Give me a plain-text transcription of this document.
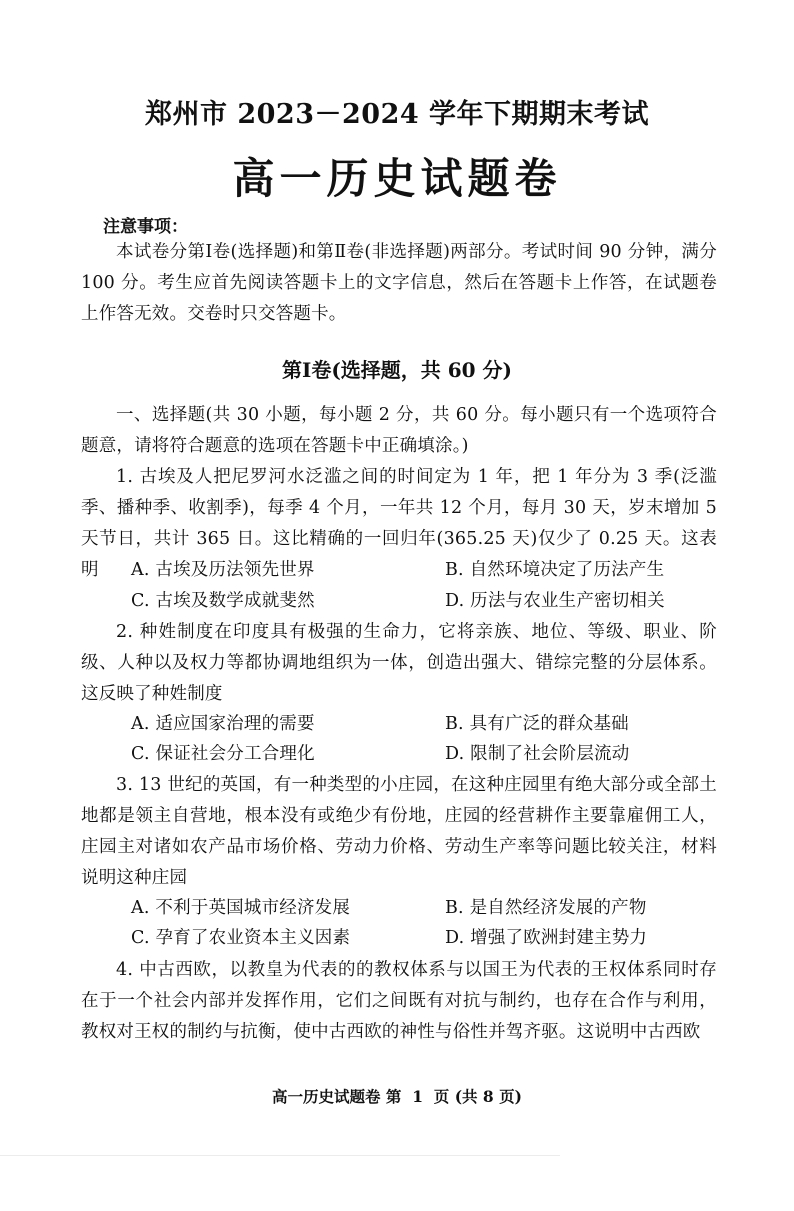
郑州市 2023－2024 学年下期期末考试
高一历史试题卷
注意事项：
本试卷分第Ⅰ卷(选择题)和第Ⅱ卷(非选择题)两部分。考试时间 90 分钟，满分 100 分。考生应首先阅读答题卡上的文字信息，然后在答题卡上作答，在试题卷上作答无效。交卷时只交答题卡。
第Ⅰ卷(选择题，共 60 分)
一、选择题(共 30 小题，每小题 2 分，共 60 分。每小题只有一个选项符合题意，请将符合题意的选项在答题卡中正确填涂。)
1. 古埃及人把尼罗河水泛滥之间的时间定为 1 年，把 1 年分为 3 季(泛滥季、播种季、收割季)，每季 4 个月，一年共 12 个月，每月 30 天，岁末增加 5 天节日，共计 365 日。这比精确的一回归年(365.25 天)仅少了 0.25 天。这表明	A. 古埃及历法领先世界	B. 自然环境决定了历法产生
C. 古埃及数学成就斐然	D. 历法与农业生产密切相关
2. 种姓制度在印度具有极强的生命力，它将亲族、地位、等级、职业、阶级、人种以及权力等都协调地组织为一体，创造出强大、错综完整的分层体系。这反映了种姓制度
A. 适应国家治理的需要	B. 具有广泛的群众基础
C. 保证社会分工合理化	D. 限制了社会阶层流动
3. 13 世纪的英国，有一种类型的小庄园，在这种庄园里有绝大部分或全部土地都是领主自营地，根本没有或绝少有份地，庄园的经营耕作主要靠雇佣工人，庄园主对诸如农产品市场价格、劳动力价格、劳动生产率等问题比较关注，材料说明这种庄园
A. 不利于英国城市经济发展	B. 是自然经济发展的产物
C. 孕育了农业资本主义因素	D. 增强了欧洲封建主势力
4. 中古西欧，以教皇为代表的的教权体系与以国王为代表的王权体系同时存在于一个社会内部并发挥作用，它们之间既有对抗与制约，也存在合作与利用，教权对王权的制约与抗衡，使中古西欧的神性与俗性并驾齐驱。这说明中古西欧
高一历史试题卷 第  1  页 (共 8 页)
